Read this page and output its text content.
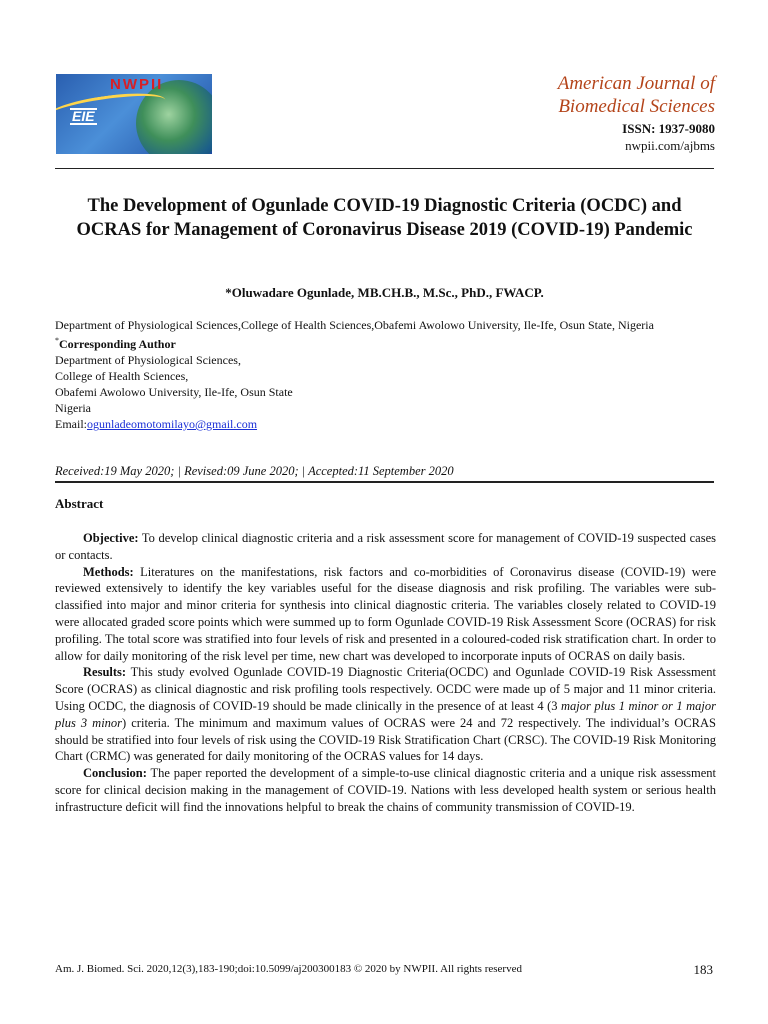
NWPII
EIE
American Journal of
Biomedical Sciences
ISSN: 1937-9080
nwpii.com/ajbms
The Development of Ogunlade COVID-19 Diagnostic Criteria (OCDC) and OCRAS for Management of Coronavirus Disease 2019 (COVID-19) Pandemic
*Oluwadare Ogunlade, MB.CH.B., M.Sc., PhD., FWACP.
Department of Physiological Sciences,College of Health Sciences,Obafemi Awolowo University, Ile-Ife, Osun State, Nigeria
*Corresponding Author
Department of Physiological Sciences,
College of Health Sciences,
Obafemi Awolowo University, Ile-Ife, Osun State
Nigeria
Email:ogunladeomotomilayo@gmail.com
Received:19 May 2020; | Revised:09 June 2020; | Accepted:11 September 2020
Abstract

Objective: To develop clinical diagnostic criteria and a risk assessment score for management of COVID-19 suspected cases or contacts.

Methods: Literatures on the manifestations, risk factors and co-morbidities of Coronavirus disease (COVID-19) were reviewed extensively to identify the key variables useful for the disease diagnosis and risk profiling. The variables were sub-classified into major and minor criteria for synthesis into clinical diagnostic criteria. The variables closely related to COVID-19 were allocated graded score points which were summed up to form Ogunlade COVID-19 Risk Assessment Score (OCRAS) for risk profiling. The total score was stratified into four levels of risk and presented in a coloured-coded risk stratification chart. In order to allow for daily monitoring of the risk level per time, new chart was developed to incorporate inputs of OCRAS on daily basis.

Results: This study evolved Ogunlade COVID-19 Diagnostic Criteria(OCDC) and Ogunlade COVID-19 Risk Assessment Score (OCRAS) as clinical diagnostic and risk profiling tools respectively. OCDC were made up of 5 major and 11 minor criteria. Using OCDC, the diagnosis of COVID-19 should be made clinically in the presence of at least 4 (3 major plus 1 minor or 1 major plus 3 minor) criteria. The minimum and maximum values of OCRAS were 24 and 72 respectively. The individual’s OCRAS should be stratified into four levels of risk using the COVID-19 Risk Stratification Chart (CRSC). The COVID-19 Risk Monitoring Chart (CRMC) was generated for daily monitoring of the OCRAS values for 14 days.

Conclusion: The paper reported the development of a simple-to-use clinical diagnostic criteria and a unique risk assessment score for clinical decision making in the management of COVID-19. Nations with less developed health system or serious health infrastructure deficit will find the innovations helpful to break the chains of community transmission of COVID-19.

Am. J. Biomed. Sci. 2020,12(3),183-190;doi:10.5099/aj200300183 © 2020 by NWPII. All rights reserved	183
